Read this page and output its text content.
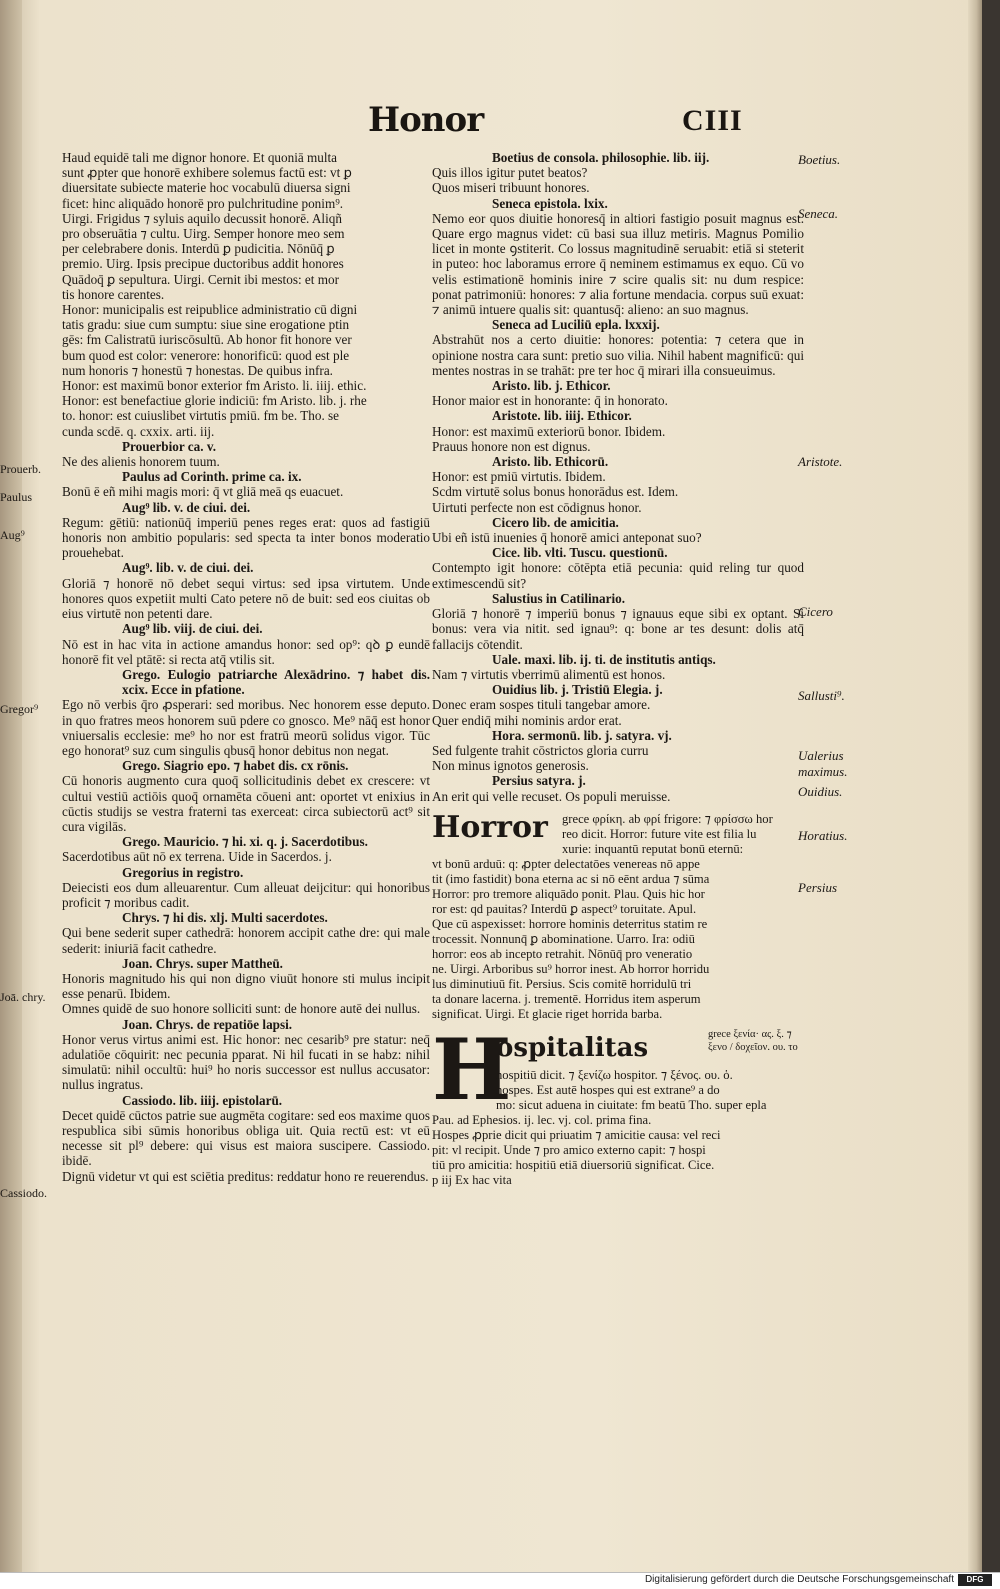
Honor	CIII

Haud equidē tali me dignor honore. Et quoniā multa

sunt ꝓpter que honorē exhibere solemus factū est: vt ꝑ

diuersitate subiecte materie hoc vocabulū diuersa signi

ficet: hinc aliquādo honorē pro pulchritudine ponim⁹.

Uirgi. Frigidus ⁊ syluis aquilo decussit honorē. Aliqñ

pro obseruātia ⁊ cultu. Uirg. Semper honore meo sem

per celebrabere donis. Interdū ꝑ pudicitia. Nōnūq̄ ꝑ

premio. Uirg. Ipsis precipue ductoribus addit honores

Quādoq̄ ꝑ sepultura. Uirgi. Cernit ibi mestos: et mor

tis honore carentes.

Honor: municipalis est reipublice administratio cū digni

tatis gradu: siue cum sumptu: siue sine erogatione ptin

gēs: fm Calistratū iuriscōsultū. Ab honor fit honore ver

bum quod est color: venerore: honorificū: quod est ple

num honoris ⁊ honestū ⁊ honestas. De quibus infra.

Honor: est maximū bonor exterior fm Aristo. li. iiij. ethic.

Honor: est benefactiue glorie indiciū: fm Aristo. lib. j. rhe

to. honor: est cuiuslibet virtutis pmiū. fm be. Tho. se

cunda scdē. q. cxxix. arti. iij.

Prouerbior ca. v.

Ne des alienis honorem tuum.

Paulus ad Corinth. prime ca. ix.

Bonū ē eñ mihi magis mori: q̄ vt gliā meā qs euacuet.

Aug⁹ lib. v. de ciui. dei.

Regum: gētiū: nationūq̄ imperiū penes reges erat: quos ad fastigiū honoris non ambitio popularis: sed specta ta inter bonos moderatio prouehebat.

Aug⁹. lib. v. de ciui. dei.

Gloriā ⁊ honorē nō debet sequi virtus: sed ipsa virtutem. Unde honores quos expetiit multi Cato petere nō de buit: sed eos ciuitas ob eius virtutē non petenti dare.

Aug⁹ lib. viij. de ciui. dei.

Nō est in hac vita in actione amandus honor: sed op⁹: qꝺ ꝑ eundē honorē fit vel ptātē: si recta atq̄ vtilis sit.

Grego. Eulogio patriarche Alexādrino. ⁊ habet dis. xcix. Ecce in pfatione.

Ego nō verbis q̄ro ꝓsperari: sed moribus. Nec honorem esse deputo. in quo fratres meos honorem suū pdere co gnosco. Me⁹ nāq̄ est honor vniuersalis ecclesie: me⁹ ho nor est fratrū meorū solidus vigor. Tūc ego honorat⁹ suz cum singulis qbusq̄ honor debitus non negat.

Grego. Siagrio epo. ⁊ habet dis. cx rōnis.

Cū honoris augmento cura quoq̄ sollicitudinis debet ex crescere: vt cultui vestiū actiōis quoq̄ ornamēta cōueni ant: oportet vt enixius in cūctis studijs se vestra fraterni tas exerceat: circa subiectorū act⁹ sit cura vigilās.

Grego. Mauricio. ⁊ hi. xi. q. j. Sacerdotibus.

Sacerdotibus aūt nō ex terrena. Uide in Sacerdos. j.

Gregorius in registro.

Deiecisti eos dum alleuarentur. Cum alleuat deijcitur: qui honoribus proficit ⁊ moribus cadit.

Chrys. ⁊ hi dis. xlj. Multi sacerdotes.

Qui bene sederit super cathedrā: honorem accipit cathe dre: qui male sederit: iniuriā facit cathedre.

Joan. Chrys. super Mattheū.

Honoris magnitudo his qui non digno viuūt honore sti mulus incipit esse penarū. Ibidem.

Omnes quidē de suo honore solliciti sunt: de honore autē dei nullus.

Joan. Chrys. de repatiōe lapsi.

Honor verus virtus animi est. Hic honor: nec cesarib⁹ pre statur: neq̄ adulatiōe cōquirit: nec pecunia pparat. Ni hil fucati in se habz: nihil simulatū: nihil occultū: hui⁹ ho noris successor est nullus accusator: nullus ingratus.

Cassiodo. lib. iiij. epistolarū.

Decet quidē cūctos patrie sue augmēta cogitare: sed eos maxime quos respublica sibi sūmis honoribus obliga uit. Quia rectū est: vt eū necesse sit pl⁹ debere: qui visus est maiora suscipere. Cassiodo. ibidē.

Dignū videtur vt qui est sciētia preditus: reddatur hono re reuerendus.

Boetius de consola. philosophie. lib. iij.

Quis illos igitur putet beatos?

Quos miseri tribuunt honores.

Seneca epistola. lxix.

Nemo eor quos diuitie honoresq̄ in altiori fastigio posuit magnus est. Quare ergo magnus videt: cū basi sua illuz metiris. Magnus Pomilio licet in monte ꝯstiterit. Co lossus magnitudinē seruabit: etiā si steterit in puteo: hoc laboramus errore q̄ neminem estimamus ex equo. Cū vo velis estimationē hominis inire ⁊ scire qualis sit: nu dum respice: ponat patrimoniū: honores: ⁊ alia fortune mendacia. corpus suū exuat: ⁊ animū intuere qualis sit: quantusq̄: alieno: an suo magnus.

Seneca ad Luciliū epla. lxxxij.

Abstrahūt nos a certo diuitie: honores: potentia: ⁊ cetera que in opinione nostra cara sunt: pretio suo vilia. Nihil habent magnificū: qui mentes nostras in se trahāt: pre ter hoc q̄ mirari illa consueuimus.

Aristo. lib. j. Ethicor.

Honor maior est in honorante: q̄ in honorato.

Aristote. lib. iiij. Ethicor.

Honor: est maximū exteriorū bonor. Ibidem.

Prauus honore non est dignus.

Aristo. lib. Ethicorū.

Honor: est pmiū virtutis. Ibidem.

Scdm virtutē solus bonus honorādus est. Idem.

Uirtuti perfecte non est cōdignus honor.

Cicero lib. de amicitia.

Ubi eñ istū inuenies q̄ honorē amici anteponat suo?

Cice. lib. vlti. Tuscu. questionū.

Contempto igit honore: cōtēpta etiā pecunia: quid reling tur quod extimescendū sit?

Salustius in Catilinario.

Gloriā ⁊ honorē ⁊ imperiū bonus ⁊ ignauus eque sibi ex optant. Si bonus: vera via nitit. sed ignau⁹: q: bone ar tes desunt: dolis atq̄ fallacijs cōtendit.

Uale. maxi. lib. ij. ti. de institutis antiqs.

Nam ⁊ virtutis vberrimū alimentū est honos.

Ouidius lib. j. Tristiū Elegia. j.

Donec eram sospes tituli tangebar amore.

Quer endiq̄ mihi nominis ardor erat.

Hora. sermonū. lib. j. satyra. vj.

Sed fulgente trahit cōstrictos gloria curru

Non minus ignotos generosis.

Persius satyra. j.

An erit qui velle recuset. Os populi meruisse.

Horror	grece φρίκη. ab φρί frigore: ⁊ φρίσσω hor

reo dicit. Horror: future vite est filia lu

xurie: inquantū reputat bonū eternū:

vt bonū arduū: q: ꝓpter delectatōes venereas nō appe

tit (imo fastidit) bona eterna ac si nō eēnt ardua ⁊ sūma

Horror: pro tremore aliquādo ponit. Plau. Quis hic hor

ror est: qd pauitas? Interdū ꝑ aspect⁹ toruitate. Apul.

Que cū aspexisset: horrore hominis deterritus statim re

trocessit. Nonnunq̄ ꝑ abominatione. Uarro. Ira: odiū

horror: eos ab incepto retrahit. Nōnūq̄ pro veneratio

ne. Uirgi. Arboribus su⁹ horror inest. Ab horror horridu

lus diminutiuū fit. Persius. Scis comitē horridulū tri

ta donare lacerna. j. trementē. Horridus item asperum

significat. Uirgi. Et glacie riget horrida barba.

H
ospitalitas	grece ξενία· ας. ξ. ⁊ ξενο / δοχεῖον. ου. το

hospitiū dicit. ⁊ ξενίζω hospitor. ⁊ ξένος. ου. ὁ.

hospes. Est autē hospes qui est extrane⁹ a do

mo: sicut aduena in ciuitate: fm beatū Tho. super epla

Pau. ad Ephesios. ij. lec. vj. col. prima fina.

Hospes ꝓprie dicit qui priuatim ⁊ amicitie causa: vel reci

pit: vl recipit. Unde ⁊ pro amico externo capit: ⁊ hospi

tiū pro amicitia: hospitiū etiā diuersoriū significat. Cice.

p iij Ex hac vita

Prouerb.
Paulus
Aug⁹
Gregor⁹
Joā. chry.
Cassiodo.
Boetius.
Seneca.
Aristote.
Cicero
Sallusti⁹.
Ualerius maximus.
Ouidius.
Horatius.
Persius
Digitalisierung gefördert durch die Deutsche Forschungsgemeinschaft	DFG
